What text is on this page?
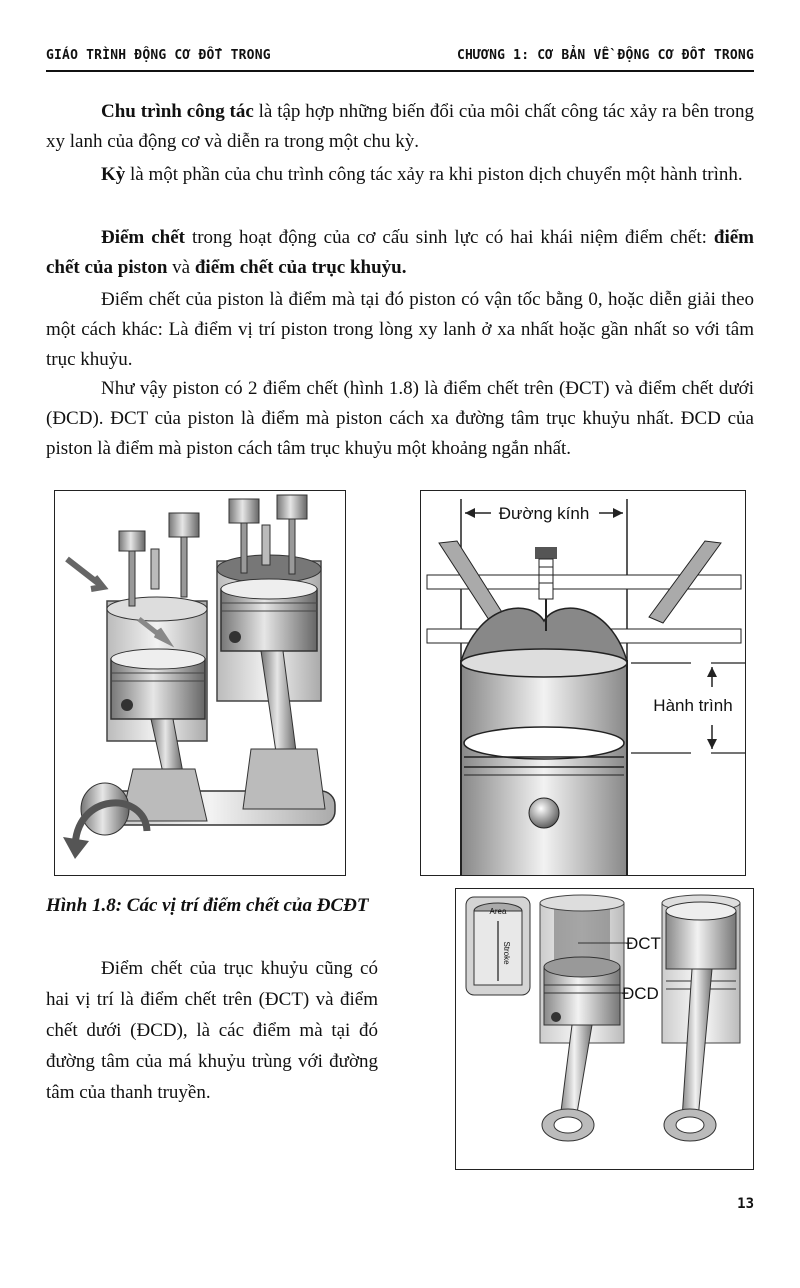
GIÁO TRÌNH ĐỘNG CƠ ĐỐT TRONG	CHƯƠNG 1: CƠ BẢN VỀ ĐỘNG CƠ ĐỐT TRONG

Chu trình công tác là tập hợp những biến đổi của môi chất công tác xảy ra bên trong xy lanh của động cơ và diễn ra trong một chu kỳ.

Kỳ là một phần của chu trình công tác xảy ra khi piston dịch chuyển một hành trình.

Điểm chết trong hoạt động của cơ cấu sinh lực có hai khái niệm điểm chết: điểm chết của piston và điểm chết của trục khuỷu.

Điểm chết của piston là điểm mà tại đó piston có vận tốc bằng 0, hoặc diễn giải theo một cách khác: Là điểm vị trí piston trong lòng xy lanh ở xa nhất hoặc gần nhất so với tâm trục khuỷu.

Như vậy piston có 2 điểm chết (hình 1.8) là điểm chết trên (ĐCT) và điểm chết dưới (ĐCD). ĐCT của piston là điểm mà piston cách xa đường tâm trục khuỷu nhất. ĐCD của piston là điểm mà piston cách tâm trục khuỷu một khoảng ngắn nhất.

Đường kính
Hành trình

Hình 1.8: Các vị trí điểm chết của ĐCĐT

Điểm chết của trục khuỷu cũng có hai vị trí là điểm chết trên (ĐCT) và điểm chết dưới (ĐCD), là các điểm mà tại đó đường tâm của má khuỷu trùng với đường tâm của thanh truyền.

Area
Stroke	ĐCT
ĐCD
13
